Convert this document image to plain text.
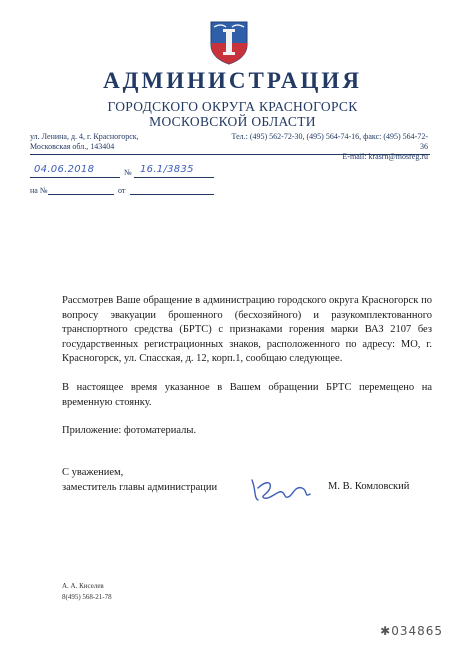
АДМИНИСТРАЦИЯ
ГОРОДСКОГО ОКРУГА КРАСНОГОРСК
МОСКОВСКОЙ ОБЛАСТИ
ул. Ленина, д. 4, г. Красногорск,
Московская обл., 143404
Тел.: (495) 562-72-30, (495) 564-74-16, факс: (495) 564-72-36
E-mail: krasrn@mosreg.ru
04.06.2018	№ 16.1/3835
на №	от
Рассмотрев Ваше обращение в администрацию городского округа Красногорск по вопросу эвакуации брошенного (бесхозяйного) и разукомплектованного транспортного средства (БРТС) с признаками горения марки ВАЗ 2107 без государственных регистрационных знаков, расположенного по адресу: МО, г. Красногорск, ул. Спасская, д. 12, корп.1, сообщаю следующее.
В настоящее время указанное в Вашем обращении БРТС перемещено на временную стоянку.
Приложение: фотоматериалы.
С уважением,
заместитель главы администрации	М. В. Комловский
А. А. Киселев
8(495) 568-21-78
✱034865
